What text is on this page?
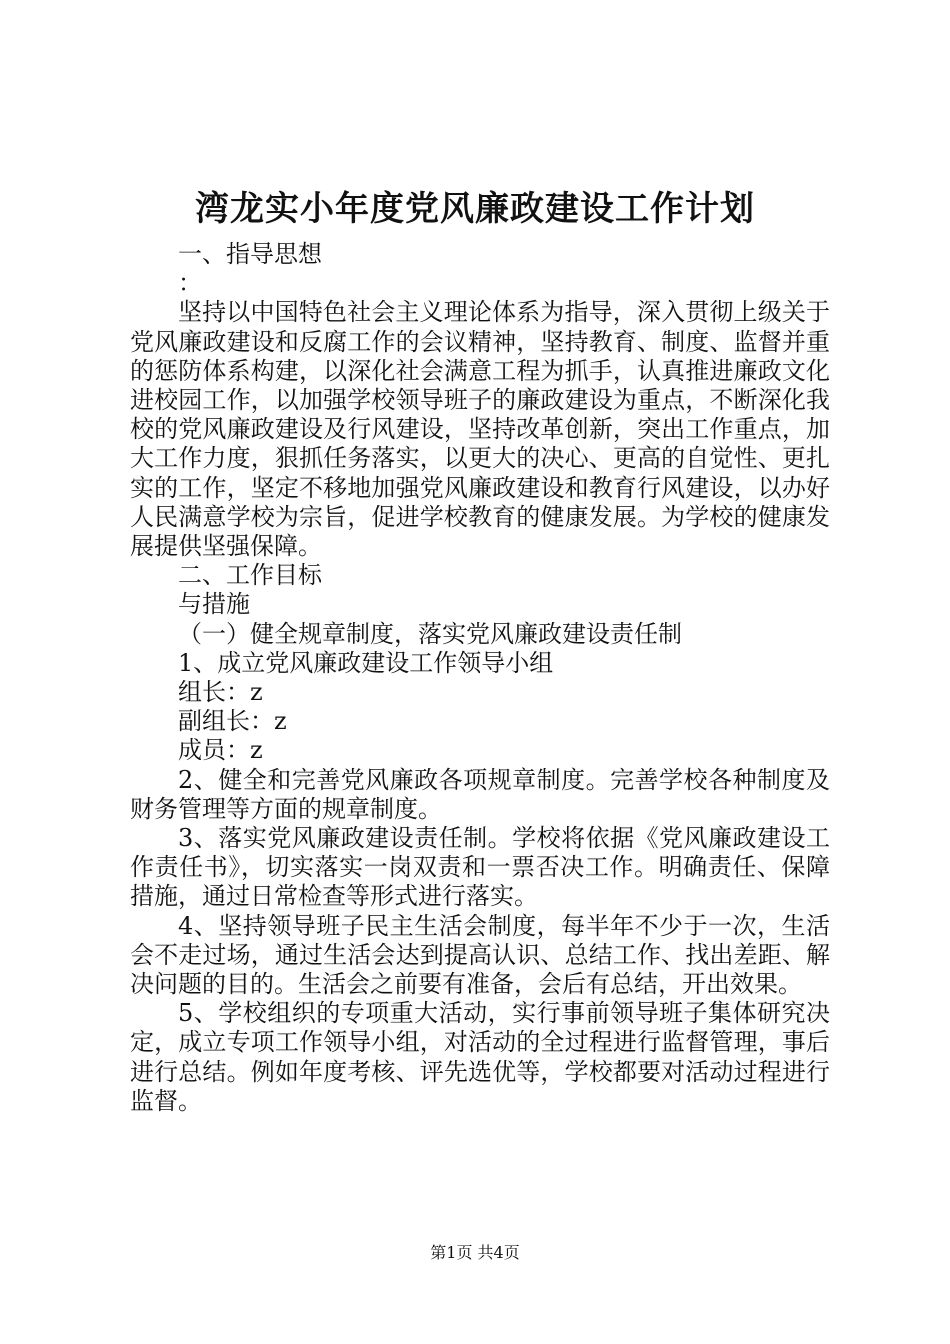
湾龙实小年度党风廉政建设工作计划

一、指导思想

：

坚持以中国特色社会主义理论体系为指导，深入贯彻上级关于党风廉政建设和反腐工作的会议精神，坚持教育、制度、监督并重的惩防体系构建，以深化社会满意工程为抓手，认真推进廉政文化进校园工作，以加强学校领导班子的廉政建设为重点，不断深化我校的党风廉政建设及行风建设，坚持改革创新，突出工作重点，加大工作力度，狠抓任务落实，以更大的决心、更高的自觉性、更扎实的工作，坚定不移地加强党风廉政建设和教育行风建设，以办好人民满意学校为宗旨，促进学校教育的健康发展。为学校的健康发展提供坚强保障。

二、工作目标

与措施

（一）健全规章制度，落实党风廉政建设责任制

1、成立党风廉政建设工作领导小组

组长：z

副组长：z

成员：z

2、健全和完善党风廉政各项规章制度。完善学校各种制度及财务管理等方面的规章制度。

3、落实党风廉政建设责任制。学校将依据《党风廉政建设工作责任书》，切实落实一岗双责和一票否决工作。明确责任、保障措施，通过日常检查等形式进行落实。

4、坚持领导班子民主生活会制度，每半年不少于一次，生活会不走过场，通过生活会达到提高认识、总结工作、找出差距、解决问题的目的。生活会之前要有准备，会后有总结，开出效果。

5、学校组织的专项重大活动，实行事前领导班子集体研究决定，成立专项工作领导小组，对活动的全过程进行监督管理，事后进行总结。例如年度考核、评先选优等，学校都要对活动过程进行监督。

第1页 共4页
